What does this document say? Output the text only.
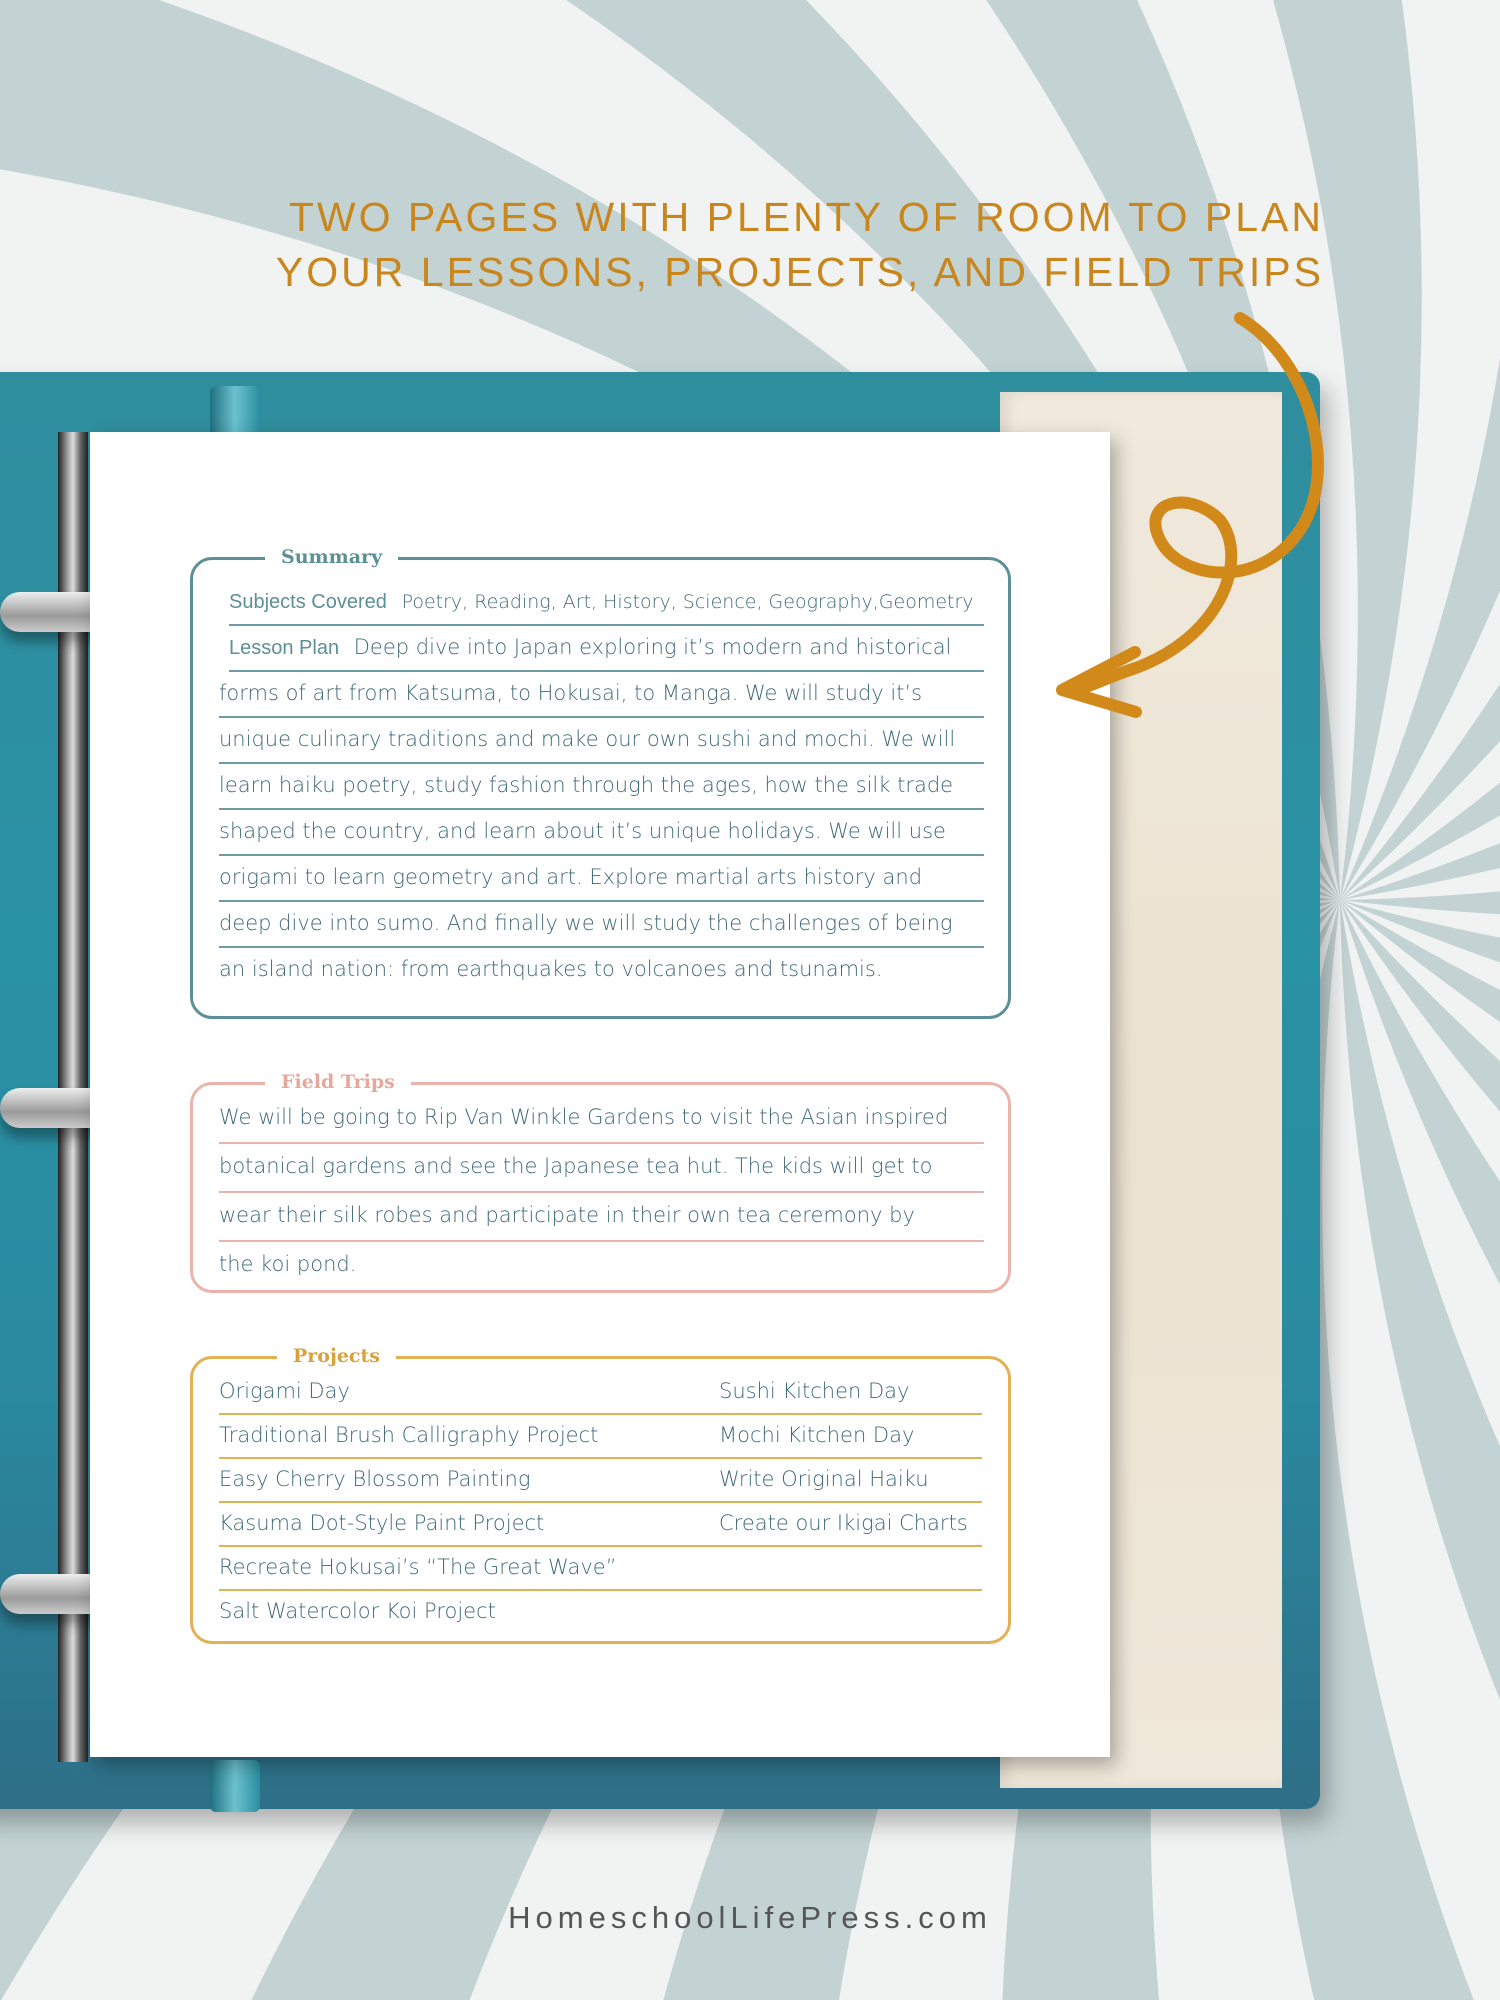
TWO PAGES WITH PLENTY OF ROOM TO PLAN
YOUR LESSONS, PROJECTS, AND FIELD TRIPS
Summary
Subjects Covered Poetry, Reading, Art, History, Science, Geography,Geometry
Lesson Plan Deep dive into Japan exploring it’s modern and historical
forms of art from Katsuma, to Hokusai, to Manga. We will study it’s
unique culinary traditions and make our own sushi and mochi. We will
learn haiku poetry, study fashion through the ages, how the silk trade
shaped the country, and learn about it’s unique holidays. We will use
origami to learn geometry and art. Explore martial arts history and
deep dive into sumo. And finally we will study the challenges of being
an island nation: from earthquakes to volcanoes and tsunamis.
Field Trips
We will be going to Rip Van Winkle Gardens to visit the Asian inspired
botanical gardens and see the Japanese tea hut. The kids will get to
wear their silk robes and participate in their own tea ceremony by
the koi pond.
Projects
Origami Day
Traditional Brush Calligraphy Project
Easy Cherry Blossom Painting
Kasuma Dot-Style Paint Project
Recreate Hokusai’s “The Great Wave”
Salt Watercolor Koi Project
Sushi Kitchen Day
Mochi Kitchen Day
Write Original Haiku
Create our Ikigai Charts
HomeschoolLifePress.com
